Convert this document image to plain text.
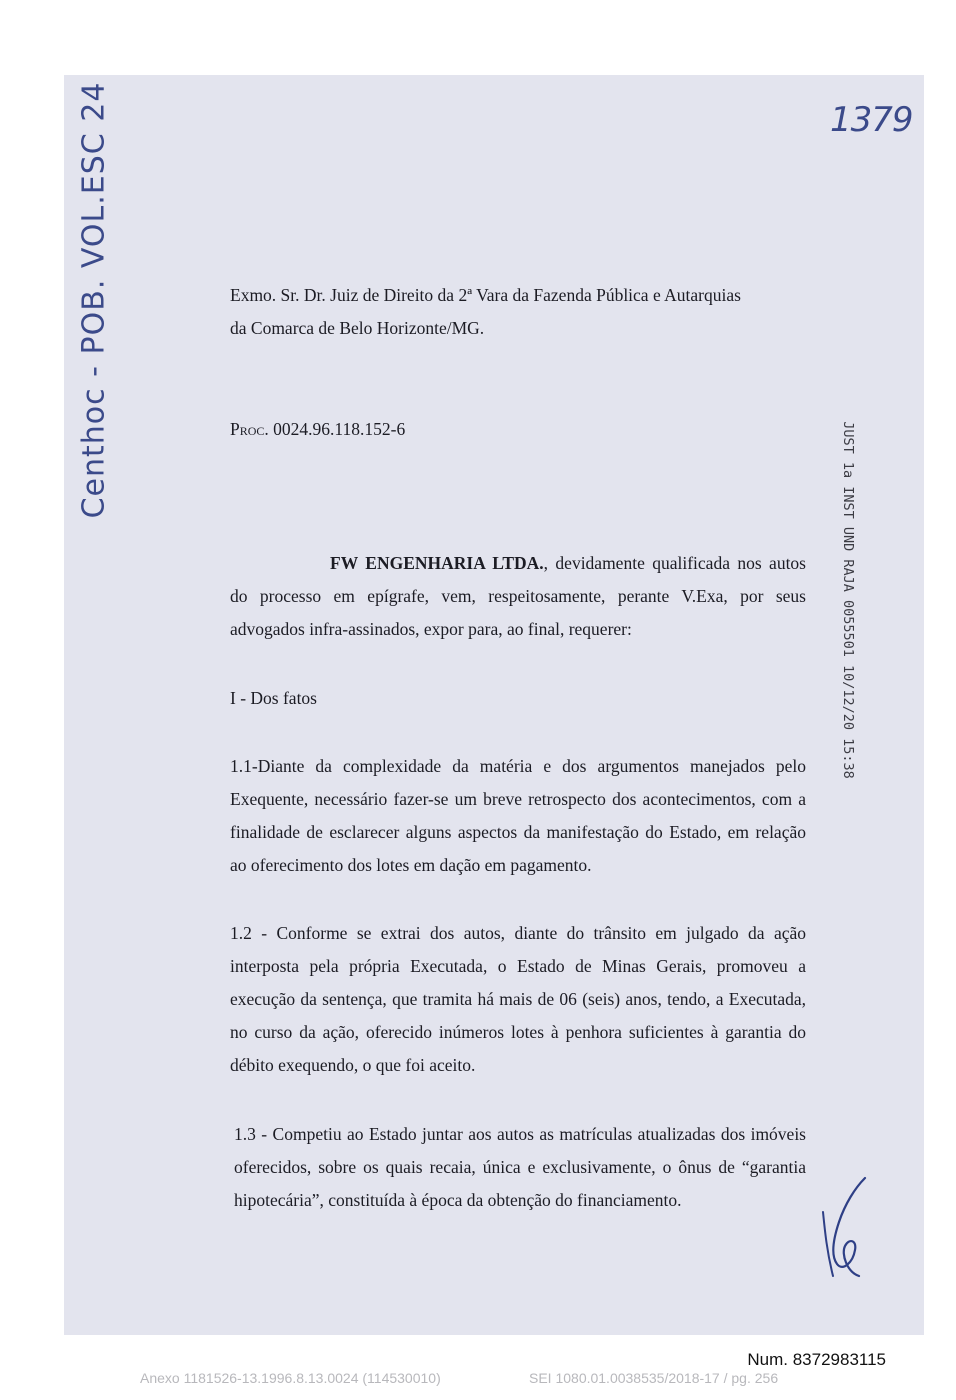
1379
Centhoc - POB. VOL.ESC 24
JUST 1a INST UND RAJA 0055501 10/12/20 15:38
Exmo. Sr. Dr. Juiz de Direito da 2ª Vara da Fazenda Pública e Autarquias
da Comarca de Belo Horizonte/MG.
Proc. 0024.96.118.152-6
FW ENGENHARIA LTDA., devidamente qualificada nos autos do processo em epígrafe, vem, respeitosamente, perante V.Exa, por seus advogados infra-assinados, expor para, ao final, requerer:
I - Dos fatos
1.1-Diante da complexidade da matéria e dos argumentos manejados pelo Exequente, necessário fazer-se um breve retrospecto dos acontecimentos, com a finalidade de esclarecer alguns aspectos da manifestação do Estado, em relação ao oferecimento dos lotes em dação em pagamento.
1.2 - Conforme se extrai dos autos, diante do trânsito em julgado da ação interposta pela própria Executada, o Estado de Minas Gerais, promoveu a execução da sentença, que tramita há mais de 06 (seis) anos, tendo, a Executada, no curso da ação, oferecido inúmeros lotes à penhora suficientes à garantia do débito exequendo, o que foi aceito.
1.3 - Competiu ao Estado juntar aos autos as matrículas atualizadas dos imóveis oferecidos, sobre os quais recaia, única e exclusivamente, o ônus de “garantia hipotecária”, constituída à época da obtenção do financiamento.
Num. 8372983115
Anexo 1181526-13.1996.8.13.0024 (114530010)	SEI 1080.01.0038535/2018-17 / pg. 256
